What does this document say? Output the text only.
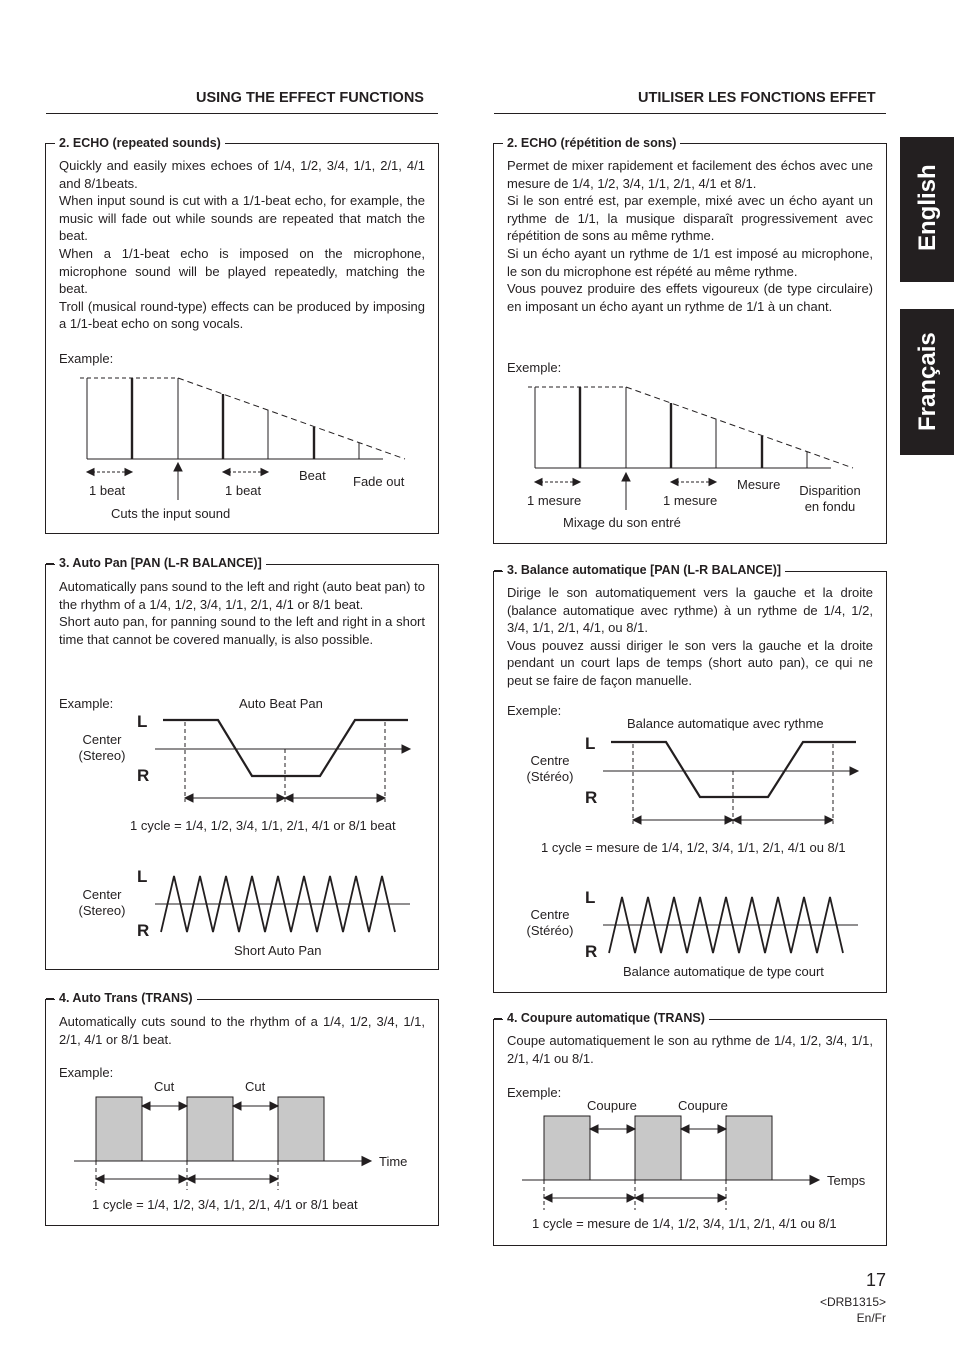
USING THE EFFECT FUNCTIONS	UTILISER LES FONCTIONS EFFET
English
Français
2. ECHO (repeated sounds)

Quickly and easily mixes echoes of 1/4, 1/2, 3/4, 1/1, 2/1, 4/1 and 8/1beats.

When input sound is cut with a 1/1-beat echo, for example, the music will fade out while sounds are repeated that match the beat.

When a 1/1-beat echo is imposed on the microphone, microphone sound will be played repeatedly, matching the beat.

Troll (musical round-type) effects can be produced by imposing a 1/1-beat echo on song vocals.

Example:
1 beat	1 beat
Beat Fade out
Cuts the input sound
2. ECHO (répétition de sons)

Permet de mixer rapidement et facilement des échos avec une mesure de 1/4, 1/2, 3/4, 1/1, 2/1, 4/1 et 8/1.

Si le son entré est, par exemple, mixé avec un écho ayant un rythme de 1/1, la musique disparaît progressivement avec répétition de sons au même rythme.

Si un écho ayant un rythme de 1/1 est imposé au microphone, le son du microphone est répété au même rythme.

Vous pouvez produire des effets vigoureux (de type circulaire) en imposant un écho ayant un rythme de 1/1 à un chant.

Exemple:
1 mesure	1 mesure
Mesure	Disparition
en fondu
Mixage du son entré
3. Auto Pan [PAN (L-R BALANCE)]

Automatically pans sound to the left and right (auto beat pan) to the rhythm of a 1/4, 1/2, 3/4, 1/1, 2/1, 4/1 or 8/1 beat.

Short auto pan, for panning sound to the left and right in a short time that cannot be covered manually, is also possible.

Example:	Auto Beat Pan
L
R
Center
(Stereo)
1 cycle = 1/4, 1/2, 3/4, 1/1, 2/1, 4/1 or 8/1 beat
L
R
Center
(Stereo)
Short Auto Pan
3. Balance automatique [PAN (L-R BALANCE)]

Dirige le son automatiquement vers la gauche et la droite (balance automatique avec rythme) à un rythme de 1/4, 1/2, 3/4, 1/1, 2/1, 4/1, ou 8/1.

Vous pouvez aussi diriger le son vers la gauche et la droite pendant un court laps de temps (short auto pan), ce qui ne peut se faire de façon manuelle.

Exemple:
Balance automatique avec rythme
L
R
Centre
(Stéréo)
1 cycle = mesure de 1/4, 1/2, 3/4, 1/1, 2/1, 4/1 ou 8/1
L
R
Centre
(Stéréo)
Balance automatique de type court
4. Auto Trans (TRANS)

Automatically cuts sound to the rhythm of a 1/4, 1/2, 3/4, 1/1, 2/1, 4/1 or 8/1 beat.

Example:
Cut	Cut
Time
1 cycle = 1/4, 1/2, 3/4, 1/1, 2/1, 4/1 or 8/1 beat
4. Coupure automatique (TRANS)

Coupe automatiquement le son au rythme de 1/4, 1/2, 3/4, 1/1, 2/1, 4/1 ou 8/1.

Exemple:
Coupure	Coupure
Temps
1 cycle = mesure de 1/4, 1/2, 3/4, 1/1, 2/1, 4/1 ou 8/1
17
<DRB1315>
En/Fr
